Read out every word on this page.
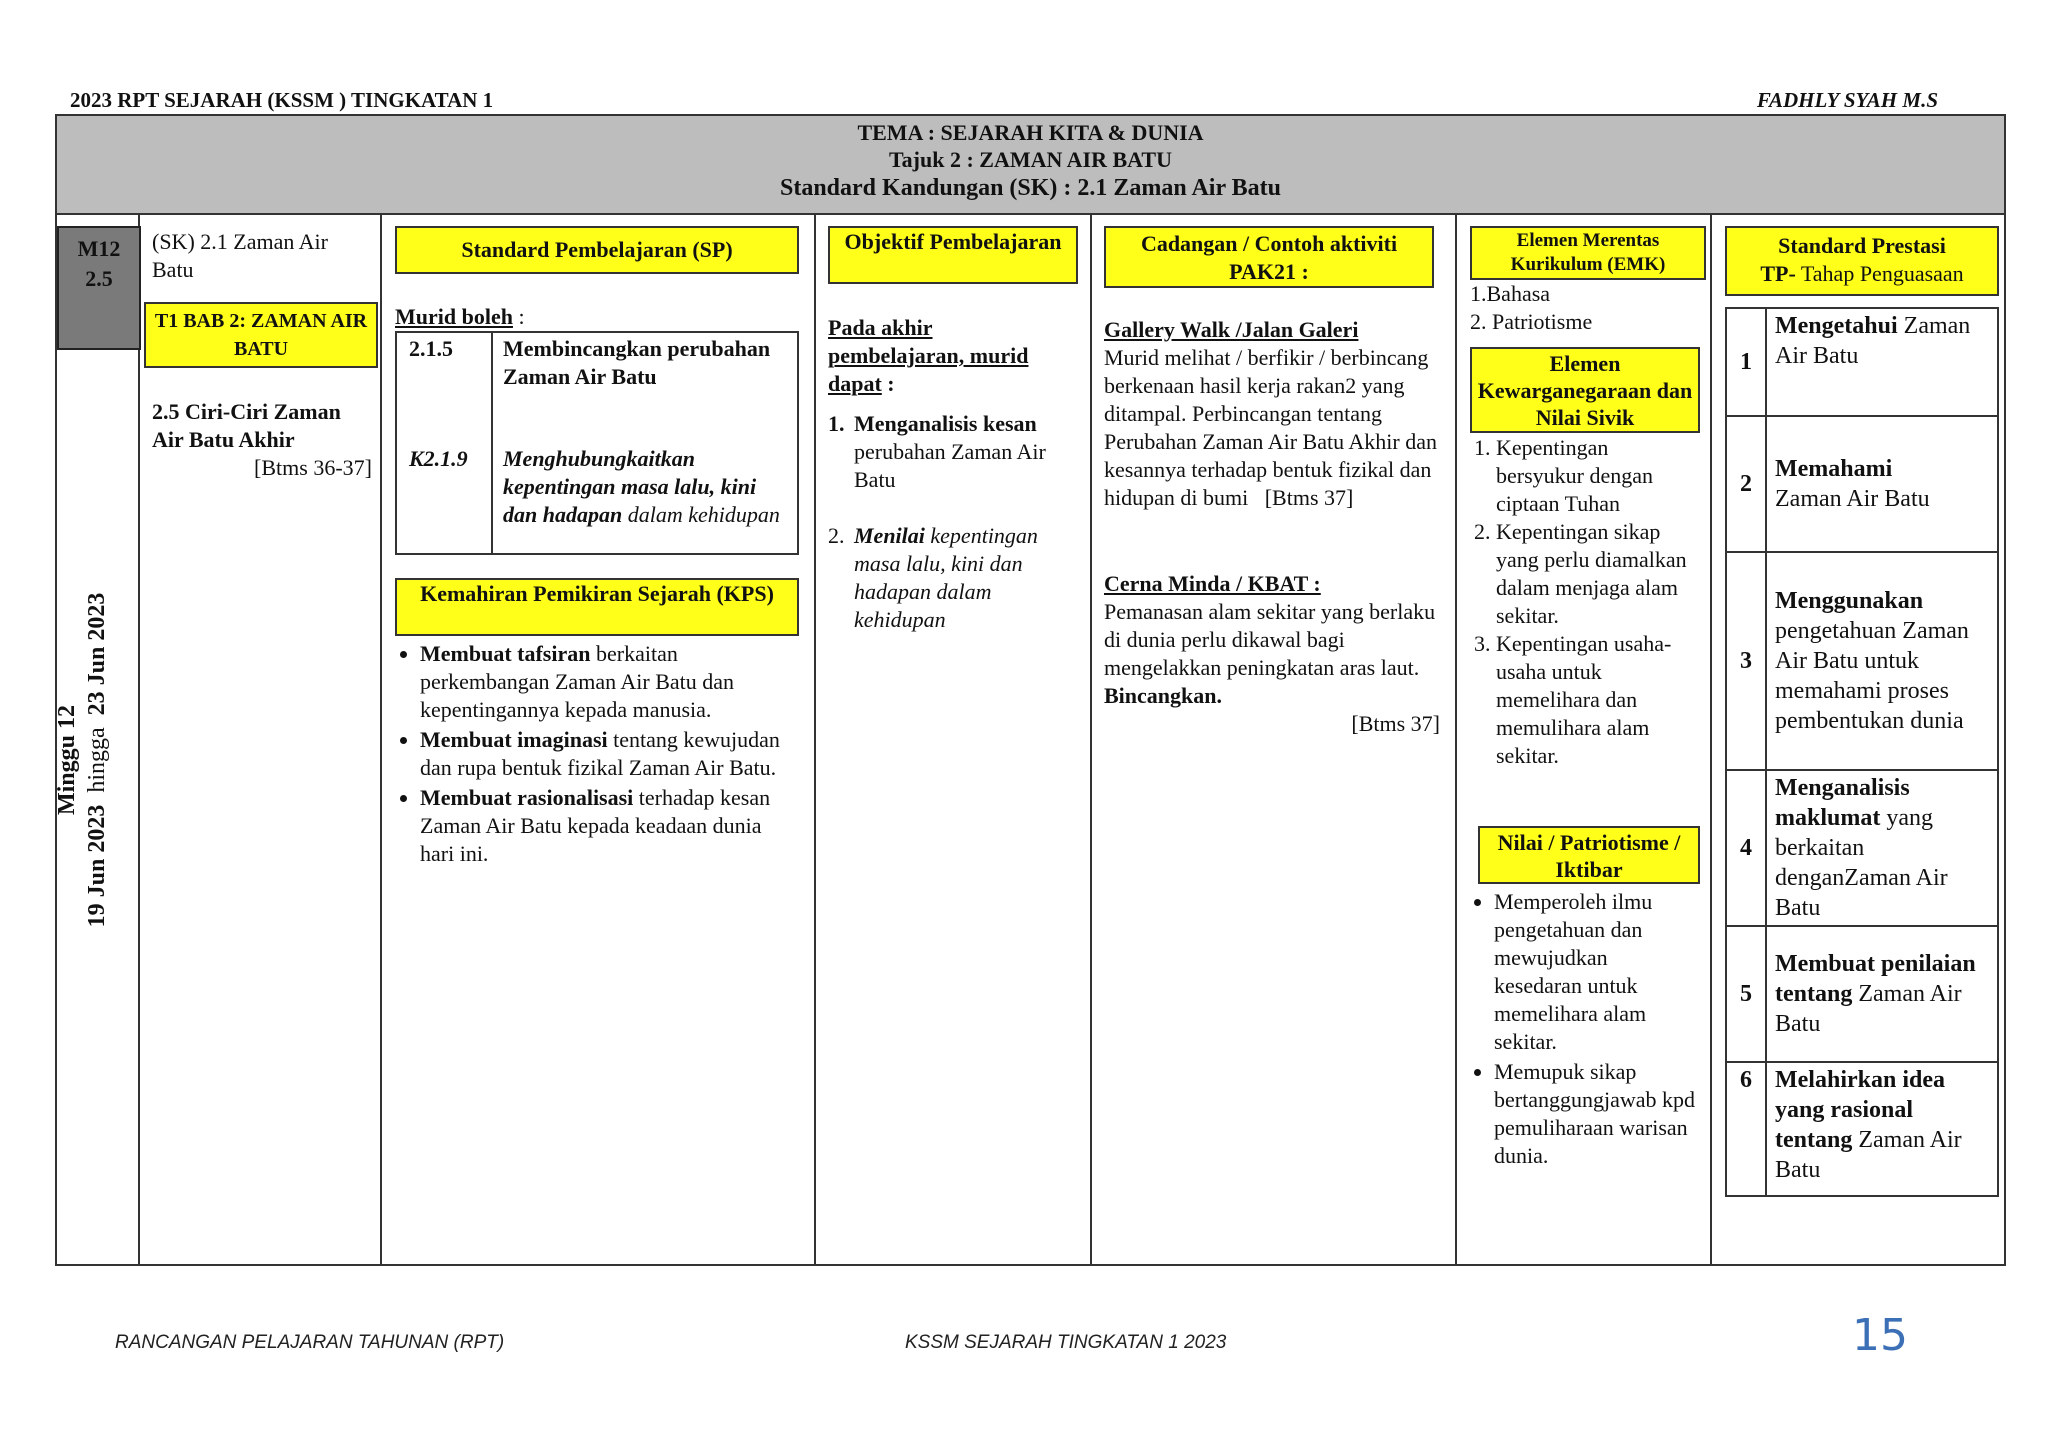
2023 RPT SEJARAH (KSSM ) TINGKATAN 1	FADHLY SYAH M.S
TEMA : SEJARAH KITA & DUNIA
Tajuk 2 : ZAMAN AIR BATU
Standard Kandungan (SK) : 2.1 Zaman Air Batu
M12
2.5
Minggu 12
19 Jun 2023  hingga  23 Jun 2023
(SK) 2.1 Zaman Air Batu
T1 BAB 2: ZAMAN AIR BATU
2.5 Ciri-Ciri Zaman Air Batu Akhir
[Btms 36-37]
Standard Pembelajaran (SP)
Murid boleh :
2.1.5 Membincangkan perubahan Zaman Air Batu
K2.1.9 Menghubungkaitkan kepentingan masa lalu, kini dan hadapan dalam kehidupan
Kemahiran Pemikiran Sejarah (KPS)
• Membuat tafsiran berkaitan perkembangan Zaman Air Batu dan kepentingannya kepada manusia.
• Membuat imaginasi tentang kewujudan dan rupa bentuk fizikal Zaman Air Batu.
• Membuat rasionalisasi terhadap kesan Zaman Air Batu kepada keadaan dunia hari ini.
Objektif Pembelajaran
Pada akhir pembelajaran, murid dapat :
1. Menganalisis kesan perubahan Zaman Air Batu
2. Menilai kepentingan masa lalu, kini dan hadapan dalam kehidupan
Cadangan / Contoh aktiviti PAK21 :
Gallery Walk /Jalan Galeri
Murid melihat / berfikir / berbincang berkenaan hasil kerja rakan2 yang ditampal. Perbincangan tentang Perubahan Zaman Air Batu Akhir dan kesannya terhadap bentuk fizikal dan hidupan di bumi [Btms 37]
Cerna Minda / KBAT :
Pemanasan alam sekitar yang berlaku di dunia perlu dikawal bagi mengelakkan peningkatan aras laut. Bincangkan.
[Btms 37]
Elemen Merentas Kurikulum (EMK)
1.Bahasa
2. Patriotisme
Elemen Kewarganegaraan dan Nilai Sivik
1. Kepentingan bersyukur dengan ciptaan Tuhan
2. Kepentingan sikap yang perlu diamalkan dalam menjaga alam sekitar.
3. Kepentingan usaha-usaha untuk memelihara dan memulihara alam sekitar.
Nilai / Patriotisme / Iktibar
• Memperoleh ilmu pengetahuan dan mewujudkan kesedaran untuk memelihara alam sekitar.
• Memupuk sikap bertanggungjawab kpd pemuliharaan warisan dunia.
Standard Prestasi
TP- Tahap Penguasaan
1	Mengetahui Zaman Air Batu
2	Memahami
Zaman Air Batu
3	Menggunakan pengetahuan Zaman Air Batu untuk memahami proses pembentukan dunia
4	Menganalisis maklumat yang berkaitan denganZaman Air Batu
5	Membuat penilaian tentang Zaman Air Batu
6	Melahirkan idea yang rasional tentang Zaman Air Batu
RANCANGAN PELAJARAN TAHUNAN (RPT)	KSSM SEJARAH TINGKATAN 1 2023	15
